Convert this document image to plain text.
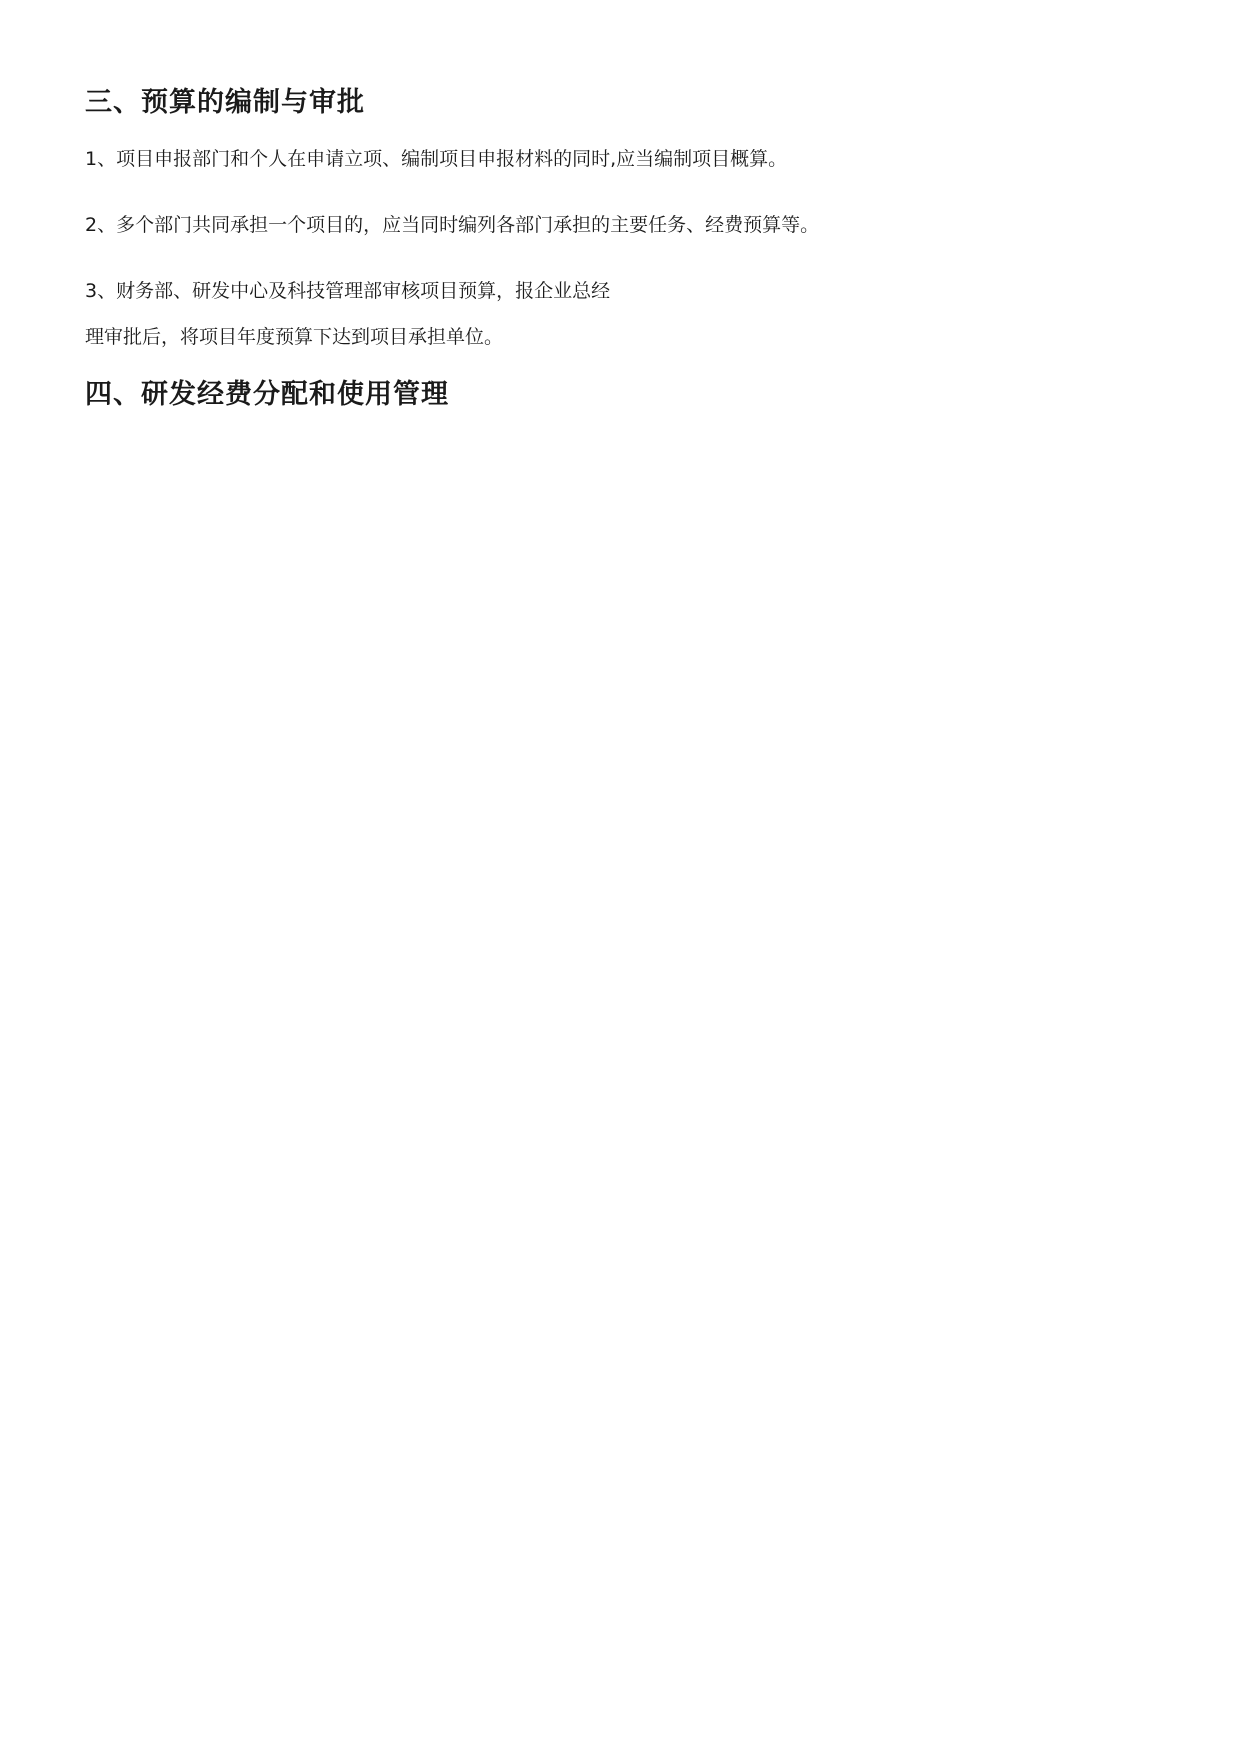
三、预算的编制与审批

1、项目申报部门和个人在申请立项、编制项目申报材料的同时,应当编制项目概算。

2、多个部门共同承担一个项目的，应当同时编列各部门承担的主要任务、经费预算等。

3、财务部、研发中心及科技管理部审核项目预算，报企业总经

理审批后，将项目年度预算下达到项目承担单位。

四、研发经费分配和使用管理
